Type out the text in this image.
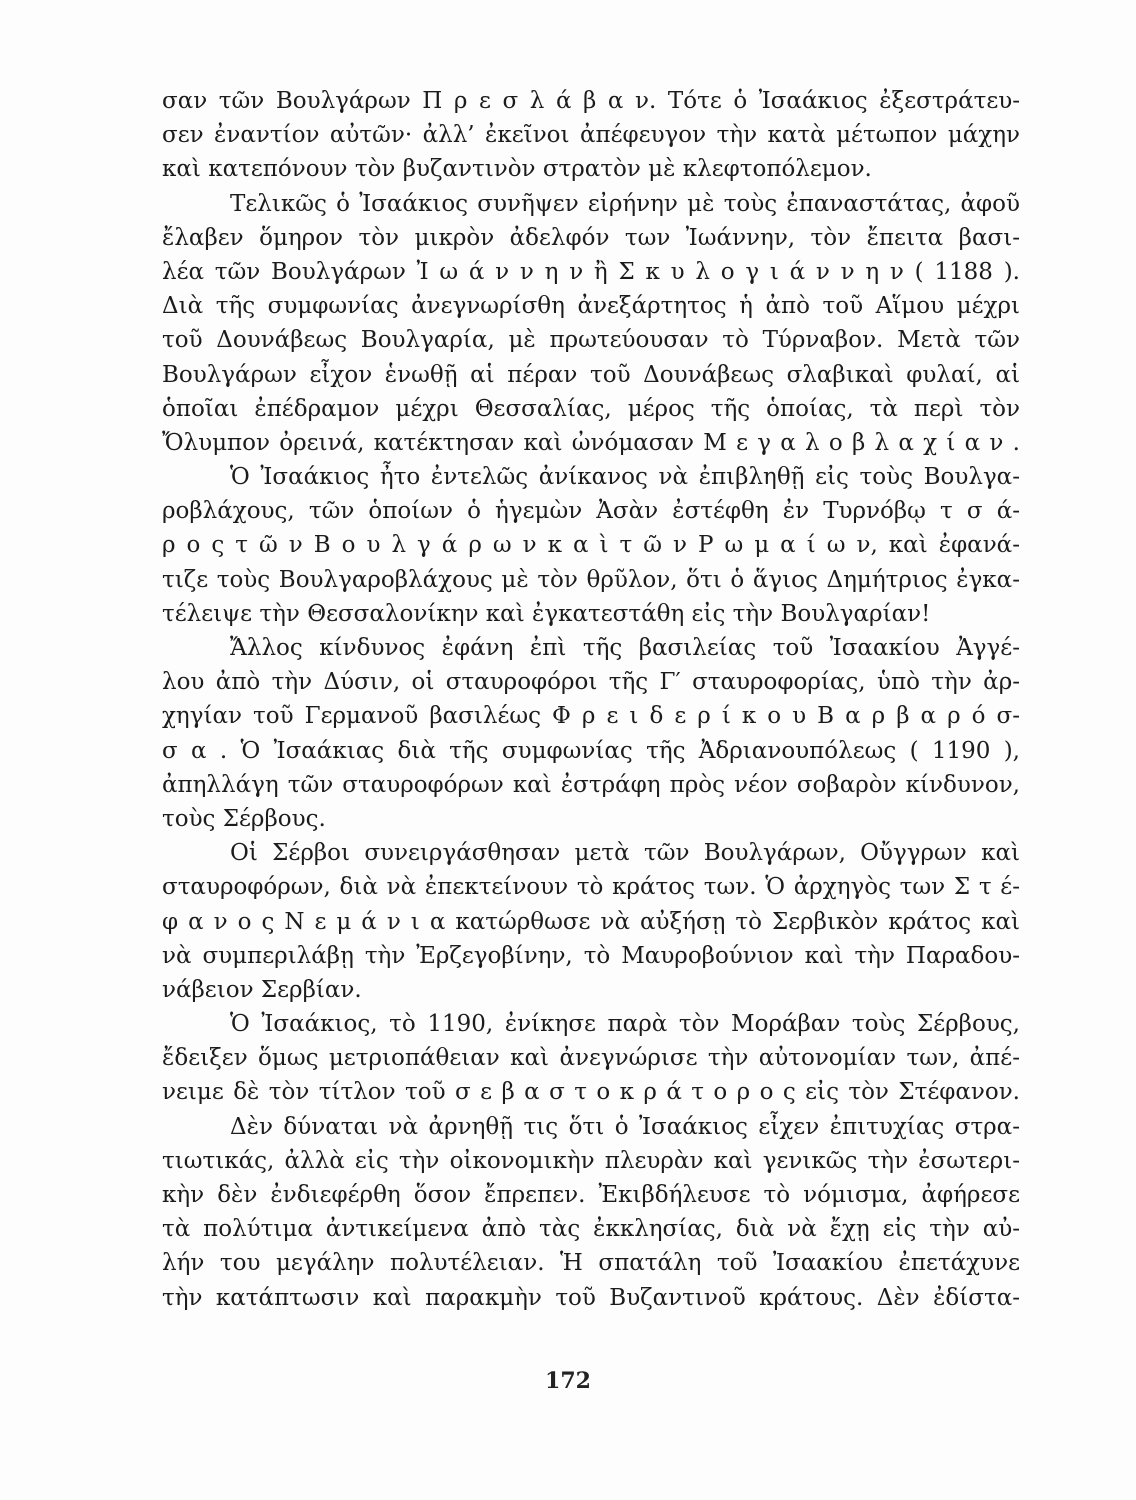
σαν τῶν Βουλγάρων Π ρ ε σ λ ά β α ν. Τότε ὁ Ἰσαάκιος ἐξεστράτευ-
σεν ἐναντίον αὐτῶν· ἀλλ’ ἐκεῖνοι ἀπέφευγον τὴν κατὰ μέτωπον μάχην
καὶ κατεπόνουν τὸν βυζαντινὸν στρατὸν μὲ κλεφτοπόλεμον.
Τελικῶς ὁ Ἰσαάκιος συνῆψεν εἰρήνην μὲ τοὺς ἐπαναστάτας, ἀφοῦ
ἔλαβεν ὅμηρον τὸν μικρὸν ἀδελφόν των Ἰωάννην, τὸν ἔπειτα βασι-
λέα τῶν Βουλγάρων Ἰ ω ά ν ν η ν ἢ Σ κ υ λ ο γ ι ά ν ν η ν ( 1188 ).
Διὰ τῆς συμφωνίας ἀνεγνωρίσθη ἀνεξάρτητος ἡ ἀπὸ τοῦ Αἵμου μέχρι
τοῦ Δουνάβεως Βουλγαρία, μὲ πρωτεύουσαν τὸ Τύρναβον. Μετὰ τῶν
Βουλγάρων εἶχον ἑνωθῇ αἱ πέραν τοῦ Δουνάβεως σλαβικαὶ φυλαί, αἱ
ὁποῖαι ἐπέδραμον μέχρι Θεσσαλίας, μέρος τῆς ὁποίας, τὰ περὶ τὸν
Ὄλυμπον ὀρεινά, κατέκτησαν καὶ ὠνόμασαν Μ ε γ α λ ο β λ α χ ί α ν .
Ὁ Ἰσαάκιος ἦτο ἐντελῶς ἀνίκανος νὰ ἐπιβληθῇ εἰς τοὺς Βουλγα-
ροβλάχους, τῶν ὁποίων ὁ ἡγεμὼν Ἀσὰν ἐστέφθη ἐν Τυρνόβῳ τ σ ά-
ρ ο ς τ ῶ ν Β ο υ λ γ ά ρ ω ν κ α ὶ τ ῶ ν Ρ ω μ α ί ω ν, καὶ ἐφανά-
τιζε τοὺς Βουλγαροβλάχους μὲ τὸν θρῦλον, ὅτι ὁ ἅγιος Δημήτριος ἐγκα-
τέλειψε τὴν Θεσσαλονίκην καὶ ἐγκατεστάθη εἰς τὴν Βουλγαρίαν!
Ἄλλος κίνδυνος ἐφάνη ἐπὶ τῆς βασιλείας τοῦ Ἰσαακίου Ἀγγέ-
λου ἀπὸ τὴν Δύσιν, οἱ σταυροφόροι τῆς Γ′ σταυροφορίας, ὑπὸ τὴν ἀρ-
χηγίαν τοῦ Γερμανοῦ βασιλέως Φ ρ ε ι δ ε ρ ί κ ο υ Β α ρ β α ρ ό σ-
σ α . Ὁ Ἰσαάκιας διὰ τῆς συμφωνίας τῆς Ἀδριανουπόλεως ( 1190 ),
ἀπηλλάγη τῶν σταυροφόρων καὶ ἐστράφη πρὸς νέον σοβαρὸν κίνδυνον,
τοὺς Σέρβους.
Οἱ Σέρβοι συνειργάσθησαν μετὰ τῶν Βουλγάρων, Οὔγγρων καὶ
σταυροφόρων, διὰ νὰ ἐπεκτείνουν τὸ κράτος των. Ὁ ἀρχηγὸς των Σ τ έ-
φ α ν ο ς Ν ε μ ά ν ι α κατώρθωσε νὰ αὐξήσῃ τὸ Σερβικὸν κράτος καὶ
νὰ συμπεριλάβῃ τὴν Ἐρζεγοβίνην, τὸ Μαυροβούνιον καὶ τὴν Παραδου-
νάβειον Σερβίαν.
Ὁ Ἰσαάκιος, τὸ 1190, ἐνίκησε παρὰ τὸν Μοράβαν τοὺς Σέρβους,
ἔδειξεν ὅμως μετριοπάθειαν καὶ ἀνεγνώρισε τὴν αὐτονομίαν των, ἀπέ-
νειμε δὲ τὸν τίτλον τοῦ σ ε β α σ τ ο κ ρ ά τ ο ρ ο ς εἰς τὸν Στέφανον.
Δὲν δύναται νὰ ἀρνηθῇ τις ὅτι ὁ Ἰσαάκιος εἶχεν ἐπιτυχίας στρα-
τιωτικάς, ἀλλὰ εἰς τὴν οἰκονομικὴν πλευρὰν καὶ γενικῶς τὴν ἐσωτερι-
κὴν δὲν ἐνδιεφέρθη ὅσον ἔπρεπεν. Ἐκιβδήλευσε τὸ νόμισμα, ἀφήρεσε
τὰ πολύτιμα ἀντικείμενα ἀπὸ τὰς ἐκκλησίας, διὰ νὰ ἔχῃ εἰς τὴν αὐ-
λήν του μεγάλην πολυτέλειαν. Ἡ σπατάλη τοῦ Ἰσαακίου ἐπετάχυνε
τὴν κατάπτωσιν καὶ παρακμὴν τοῦ Βυζαντινοῦ κράτους. Δὲν ἐδίστα-
172
